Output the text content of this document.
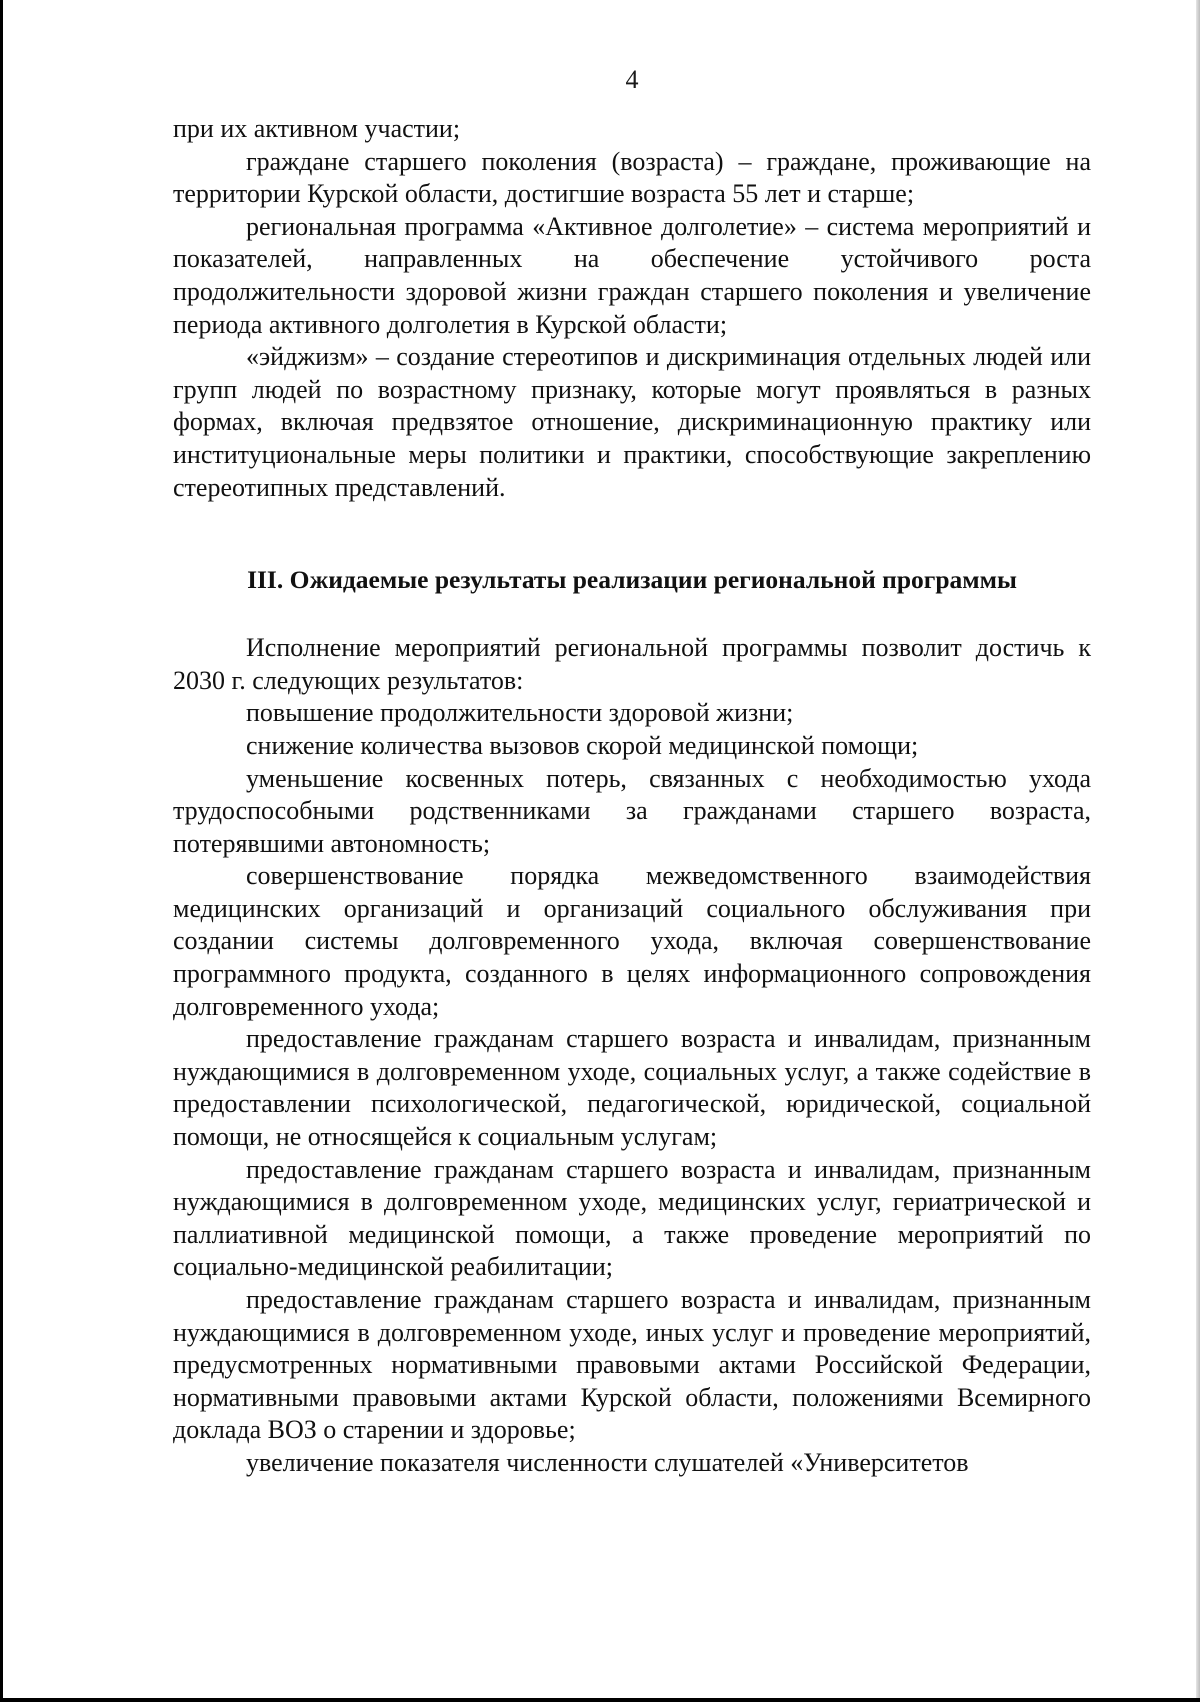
4

при их активном участии;

граждане старшего поколения (возраста) – граждане, проживающие на территории Курской области, достигшие возраста 55 лет и старше;

региональная программа «Активное долголетие» – система мероприятий и показателей, направленных на обеспечение устойчивого роста продолжительности здоровой жизни граждан старшего поколения и увеличение периода активного долголетия в Курской области;

«эйджизм» – создание стереотипов и дискриминация отдельных людей или групп людей по возрастному признаку, которые могут проявляться в разных формах, включая предвзятое отношение, дискриминационную практику или институциональные меры политики и практики, способствующие закреплению стереотипных представлений.

III. Ожидаемые результаты реализации региональной программы

Исполнение мероприятий региональной программы позволит достичь к 2030 г. следующих результатов:

повышение продолжительности здоровой жизни;

снижение количества вызовов скорой медицинской помощи;

уменьшение косвенных потерь, связанных с необходимостью ухода трудоспособными родственниками за гражданами старшего возраста, потерявшими автономность;

совершенствование порядка межведомственного взаимодействия медицинских организаций и организаций социального обслуживания при создании системы долговременного ухода, включая совершенствование программного продукта, созданного в целях информационного сопровождения долговременного ухода;

предоставление гражданам старшего возраста и инвалидам, признанным нуждающимися в долговременном уходе, социальных услуг, а также содействие в предоставлении психологической, педагогической, юридической, социальной помощи, не относящейся к социальным услугам;

предоставление гражданам старшего возраста и инвалидам, признанным нуждающимися в долговременном уходе, медицинских услуг, гериатрической и паллиативной медицинской помощи, а также проведение мероприятий по социально-медицинской реабилитации;

предоставление гражданам старшего возраста и инвалидам, признанным нуждающимися в долговременном уходе, иных услуг и проведение мероприятий, предусмотренных нормативными правовыми актами Российской Федерации, нормативными правовыми актами Курской области, положениями Всемирного доклада ВОЗ о старении и здоровье;

увеличение показателя численности слушателей «Университетов
